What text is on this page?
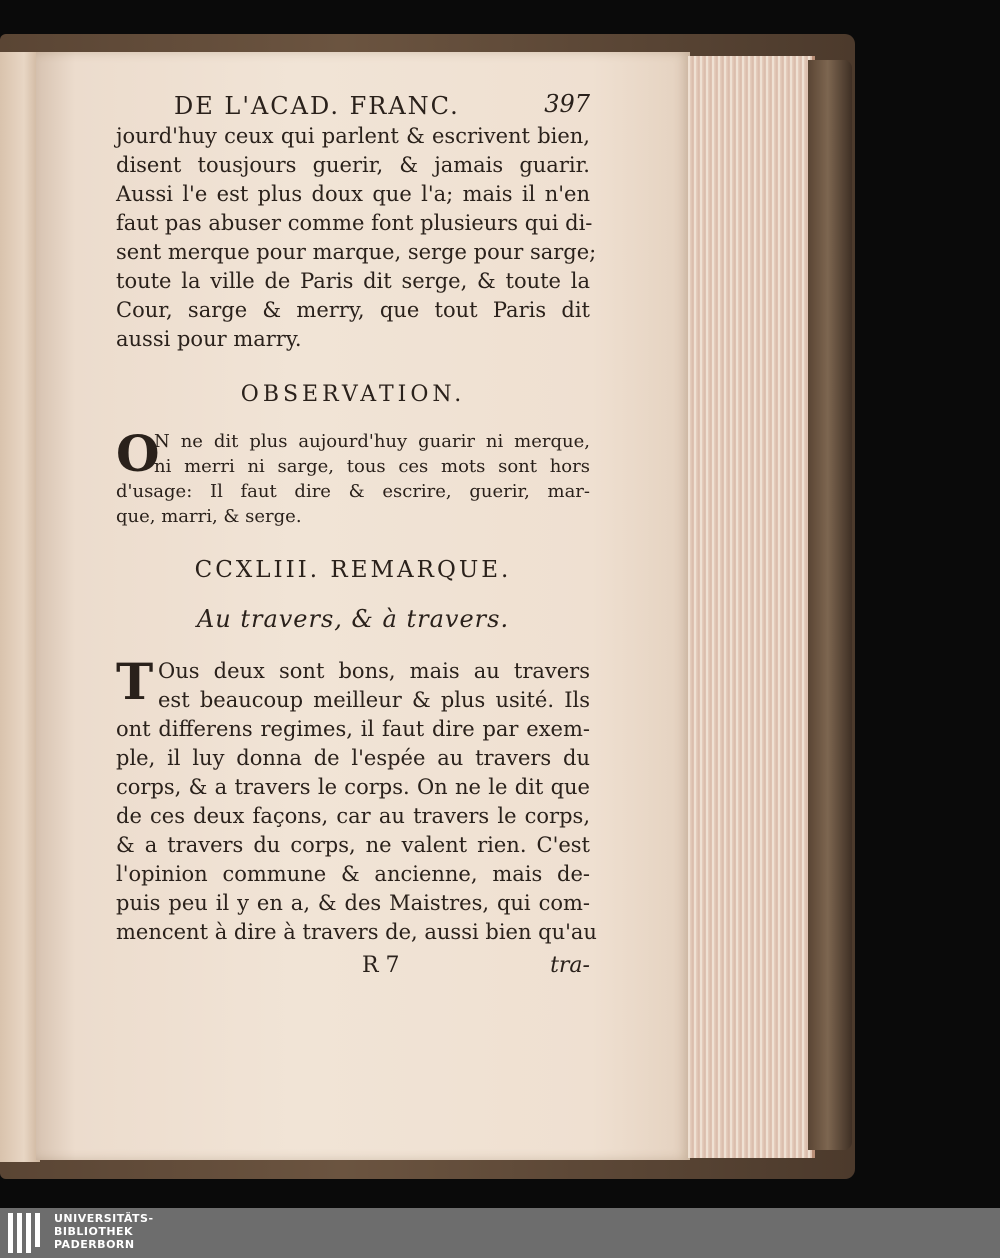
DE L'ACAD. FRANC.	397
jourd'huy ceux qui parlent & escrivent bien,
disent tousjours guerir, & jamais guarir.
Aussi l'e est plus doux que l'a; mais il n'en
faut pas abuser comme font plusieurs qui di-
sent merque pour marque, serge pour sarge;
toute la ville de Paris dit serge, & toute la
Cour, sarge & merry, que tout Paris dit
aussi pour marry.
OBSERVATION.
O
N ne dit plus aujourd'huy guarir ni merque,
ni merri ni sarge, tous ces mots sont hors
d'usage: Il faut dire & escrire, guerir, mar-
que, marri, & serge.
CCXLIII. REMARQUE.
Au travers, & à travers.
T Ous deux sont bons, mais au travers
est beaucoup meilleur & plus usité. Ils
ont differens regimes, il faut dire par exem-
ple, il luy donna de l'espée au travers du
corps, & a travers le corps. On ne le dit que
de ces deux façons, car au travers le corps,
& a travers du corps, ne valent rien. C'est
l'opinion commune & ancienne, mais de-
puis peu il y en a, & des Maistres, qui com-
mencent à dire à travers de, aussi bien qu'au
R 7	tra-
UNIVERSITÄTS-
BIBLIOTHEK
PADERBORN
